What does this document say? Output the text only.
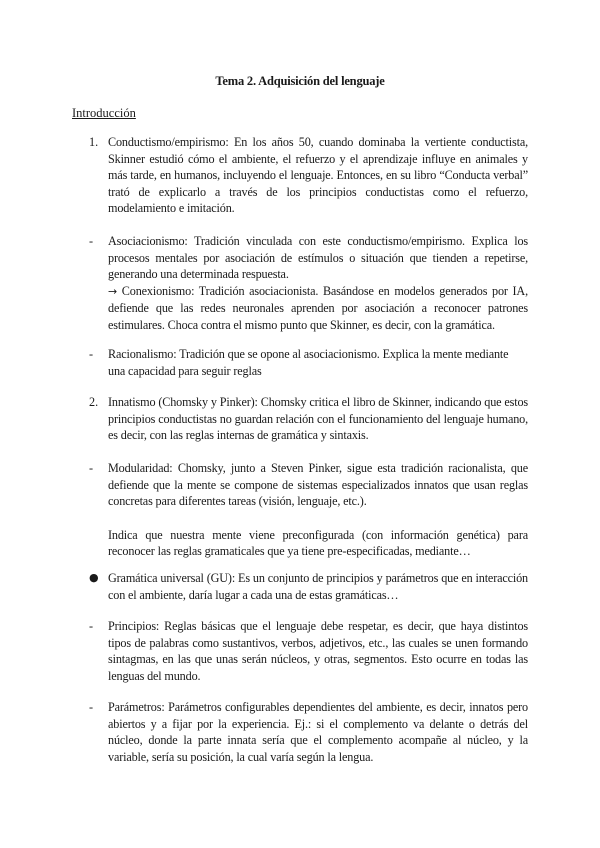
Tema 2. Adquisición del lenguaje
Introducción
1. Conductismo/empirismo: En los años 50, cuando dominaba la vertiente conductista, Skinner estudió cómo el ambiente, el refuerzo y el aprendizaje influye en animales y más tarde, en humanos, incluyendo el lenguaje. Entonces, en su libro “Conducta verbal” trató de explicarlo a través de los principios conductistas como el refuerzo, modelamiento e imitación.
-	Asociacionismo: Tradición vinculada con este conductismo/empirismo. Explica los procesos mentales por asociación de estímulos o situación que tienden a repetirse, generando una determinada respuesta.
→ Conexionismo: Tradición asociacionista. Basándose en modelos generados por IA, defiende que las redes neuronales aprenden por asociación a reconocer patrones estimulares. Choca contra el mismo punto que Skinner, es decir, con la gramática.
-	Racionalismo: Tradición que se opone al asociacionismo. Explica la mente mediante una capacidad para seguir reglas
2. Innatismo (Chomsky y Pinker): Chomsky critica el libro de Skinner, indicando que estos principios conductistas no guardan relación con el funcionamiento del lenguaje humano, es decir, con las reglas internas de gramática y sintaxis.
-	Modularidad: Chomsky, junto a Steven Pinker, sigue esta tradición racionalista, que defiende que la mente se compone de sistemas especializados innatos que usan reglas concretas para diferentes tareas (visión, lenguaje, etc.).
Indica que nuestra mente viene preconfigurada (con información genética) para reconocer las reglas gramaticales que ya tiene pre-especificadas, mediante…
● Gramática universal (GU): Es un conjunto de principios y parámetros que en interacción con el ambiente, daría lugar a cada una de estas gramáticas…
-	Principios: Reglas básicas que el lenguaje debe respetar, es decir, que haya distintos tipos de palabras como sustantivos, verbos, adjetivos, etc., las cuales se unen formando sintagmas, en las que unas serán núcleos, y otras, segmentos. Esto ocurre en todas las lenguas del mundo.
-	Parámetros: Parámetros configurables dependientes del ambiente, es decir, innatos pero abiertos y a fijar por la experiencia. Ej.: si el complemento va delante o detrás del núcleo, donde la parte innata sería que el complemento acompañe al núcleo, y la variable, sería su posición, la cual varía según la lengua.
